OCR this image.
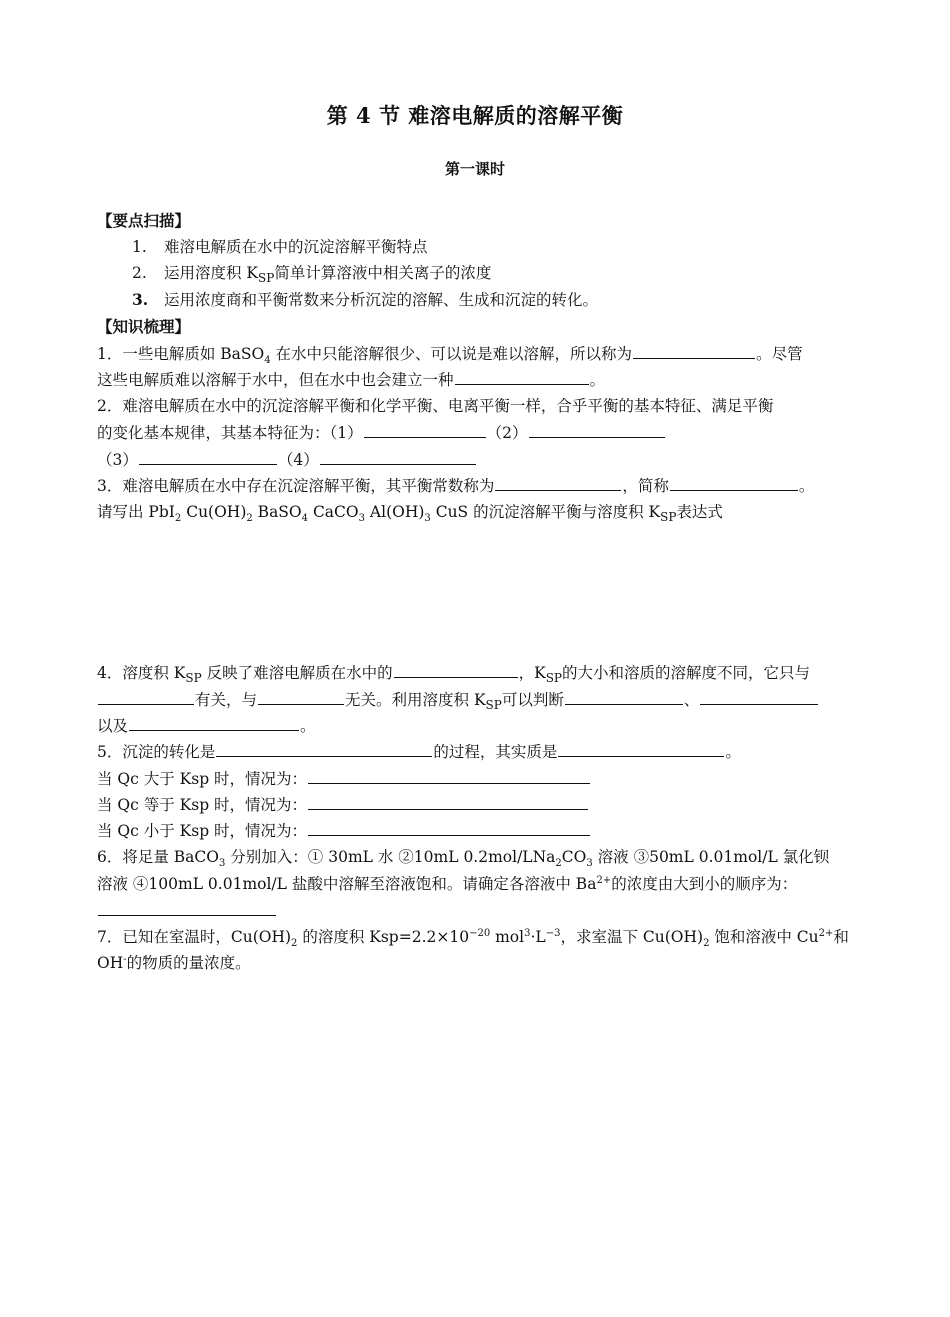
第 4 节 难溶电解质的溶解平衡
第一课时
【要点扫描】
1. 难溶电解质在水中的沉淀溶解平衡特点
2. 运用溶度积 $K_{SP}$简单计算溶液中相关离子的浓度
3. 运用浓度商和平衡常数来分析沉淀的溶解、生成和沉淀的转化。
【知识梳理】
1．一些电解质如 BaSO$_4$ 在水中只能溶解很少、可以说是难以溶解，所以称为	。尽管
这些电解质难以溶解于水中，但在水中也会建立一种	。
2．难溶电解质在水中的沉淀溶解平衡和化学平衡、电离平衡一样，合乎平衡的基本特征、满足平衡
的变化基本规律，其基本特征为：（1）	（2）
（3）	（4）
3．难溶电解质在水中存在沉淀溶解平衡，其平衡常数称为	，简称	。
请写出 PbI$_2$ $Cu(OH)_2$ BaSO$_4$ CaCO$_3$ $Al(OH)_3$ CuS 的沉淀溶解平衡与溶度积 $K_{SP}$表达式
4．溶度积 $K_{SP}$ 反映了难溶电解质在水中的	，$K_{SP}$的大小和溶质的溶解度不同，它只与
有关，与	无关。利用溶度积 $K_{SP}$可以判断	、
以及	。
5．沉淀的转化是	的过程，其实质是	。
当 Qc 大于 Ksp 时，情况为：
当 Qc 等于 Ksp 时，情况为：
当 Qc 小于 Ksp 时，情况为：
6．将足量 BaCO$_3$ 分别加入：① 30mL 水 ②10mL $0.2mol/LNa_2CO_3$ 溶液 ③50mL 0.01mol/L 氯化钡
溶液 ④100mL 0.01mol/L 盐酸中溶解至溶液饱和。请确定各溶液中 $Ba^{2+}$的浓度由大到小的顺序为：
7．已知在室温时，$Cu(OH)_2$ 的溶度积 $Ksp=2.2\times 10^{-20}$ $mol^3\cdot L^{-3}$，求室温下 $Cu(OH)_2$ 饱和溶液中 $Cu^{2+}$和
OH-的物质的量浓度。
